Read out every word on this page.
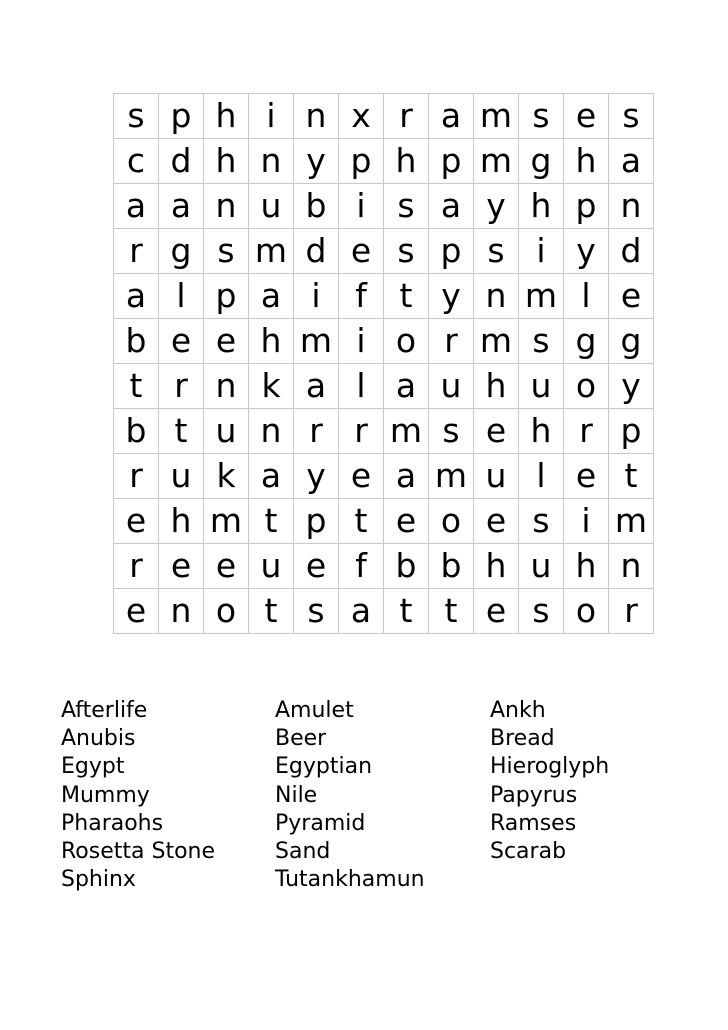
s	p	h	i	n	x	r	a	m	s	e	s
c	d	h	n	y	p	h	p	m	g	h	a
a	a	n	u	b	i	s	a	y	h	p	n
r	g	s	m	d	e	s	p	s	i	y	d
a	l	p	a	i	f	t	y	n	m	l	e
b	e	e	h	m	i	o	r	m	s	g	g
t	r	n	k	a	l	a	u	h	u	o	y
b	t	u	n	r	r	m	s	e	h	r	p
r	u	k	a	y	e	a	m	u	l	e	t
e	h	m	t	p	t	e	o	e	s	i	m
r	e	e	u	e	f	b	b	h	u	h	n
e	n	o	t	s	a	t	t	e	s	o	r
Afterlife
Anubis
Egypt
Mummy
Pharaohs
Rosetta Stone
Sphinx
Amulet
Beer
Egyptian
Nile
Pyramid
Sand
Tutankhamun
Ankh
Bread
Hieroglyph
Papyrus
Ramses
Scarab
